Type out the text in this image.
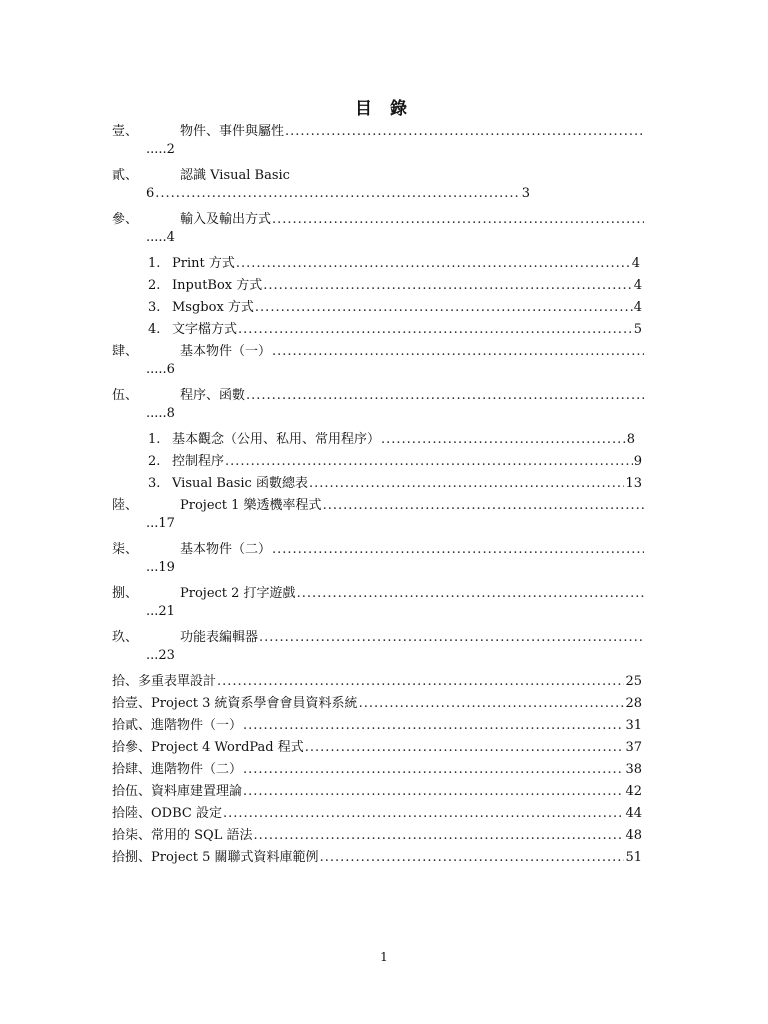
目 錄
壹、	物件、事件與屬性
.....
.....2
貳、	認識 Visual Basic
6 .....	3
參、	輸入及輸出方式
.....
.....4
1. Print 方式 .....	4
2. InputBox 方式 .....	4
3. Msgbox 方式 .....	4
4. 文字檔方式 .....	5
肆、	基本物件（一）
.....
.....6
伍、	程序、函數
.....
.....8
1. 基本觀念（公用、私用、常用程序） .....	8
2. 控制程序 .....	9
3. Visual Basic 函數總表 .....	13
陸、	Project 1 樂透機率程式
.....
...17
柒、	基本物件（二）
.....
...19
捌、	Project 2 打字遊戲
.....
...21
玖、	功能表編輯器
.....
...23
拾、多重表單設計 .....	25
拾壹、Project 3 統資系學會會員資料系統 .....	28
拾貳、進階物件（一） .....	31
拾參、Project 4 WordPad 程式 .....	37
拾肆、進階物件（二） .....	38
拾伍、資料庫建置理論 .....	42
拾陸、ODBC 設定 .....	44
拾柒、常用的 SQL 語法 .....	48
拾捌、Project 5 關聯式資料庫範例 .....	51
1
